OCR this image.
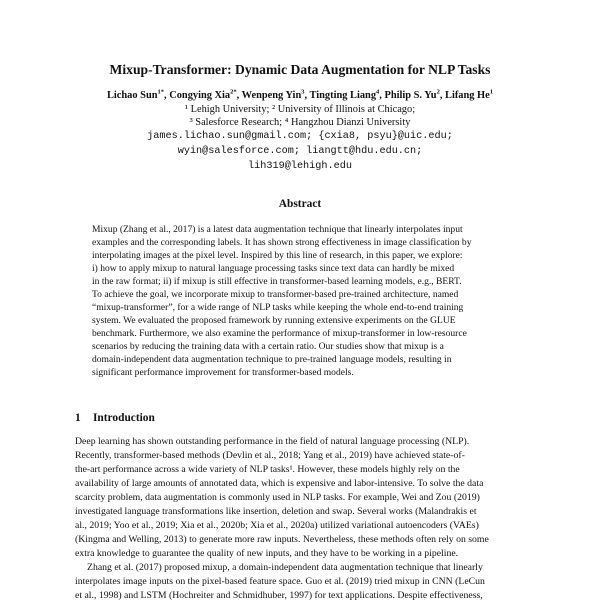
Mixup-Transformer: Dynamic Data Augmentation for NLP Tasks
Lichao Sun$^{1*}$, Congying Xia$^{2*}$, Wenpeng Yin$^3$, Tingting Liang$^4$, Philip S. Yu$^2$, Lifang He$^1$
¹ Lehigh University; ² University of Illinois at Chicago;
³ Salesforce Research; ⁴ Hangzhou Dianzi University
james.lichao.sun@gmail.com; {cxia8, psyu}@uic.edu;
wyin@salesforce.com; liangtt@hdu.edu.cn;
lih319@lehigh.edu
Abstract
Mixup (Zhang et al., 2017) is a latest data augmentation technique that linearly interpolates input
examples and the corresponding labels. It has shown strong effectiveness in image classification by
interpolating images at the pixel level. Inspired by this line of research, in this paper, we explore:
i) how to apply mixup to natural language processing tasks since text data can hardly be mixed
in the raw format; ii) if mixup is still effective in transformer-based learning models, e.g., BERT.
To achieve the goal, we incorporate mixup to transformer-based pre-trained architecture, named
“mixup-transformer”, for a wide range of NLP tasks while keeping the whole end-to-end training
system. We evaluated the proposed framework by running extensive experiments on the GLUE
benchmark. Furthermore, we also examine the performance of mixup-transformer in low-resource
scenarios by reducing the training data with a certain ratio. Our studies show that mixup is a
domain-independent data augmentation technique to pre-trained language models, resulting in
significant performance improvement for transformer-based models.
1 Introduction
Deep learning has shown outstanding performance in the field of natural language processing (NLP).
Recently, transformer-based methods (Devlin et al., 2018; Yang et al., 2019) have achieved state-of-
the-art performance across a wide variety of NLP tasks¹. However, these models highly rely on the
availability of large amounts of annotated data, which is expensive and labor-intensive. To solve the data
scarcity problem, data augmentation is commonly used in NLP tasks. For example, Wei and Zou (2019)
investigated language transformations like insertion, deletion and swap. Several works (Malandrakis et
al., 2019; Yoo et al., 2019; Xia et al., 2020b; Xia et al., 2020a) utilized variational autoencoders (VAEs)
(Kingma and Welling, 2013) to generate more raw inputs. Nevertheless, these methods often rely on some
extra knowledge to guarantee the quality of new inputs, and they have to be working in a pipeline.
Zhang et al. (2017) proposed mixup, a domain-independent data augmentation technique that linearly
interpolates image inputs on the pixel-based feature space. Guo et al. (2019) tried mixup in CNN (LeCun
et al., 1998) and LSTM (Hochreiter and Schmidhuber, 1997) for text applications. Despite effectiveness,
